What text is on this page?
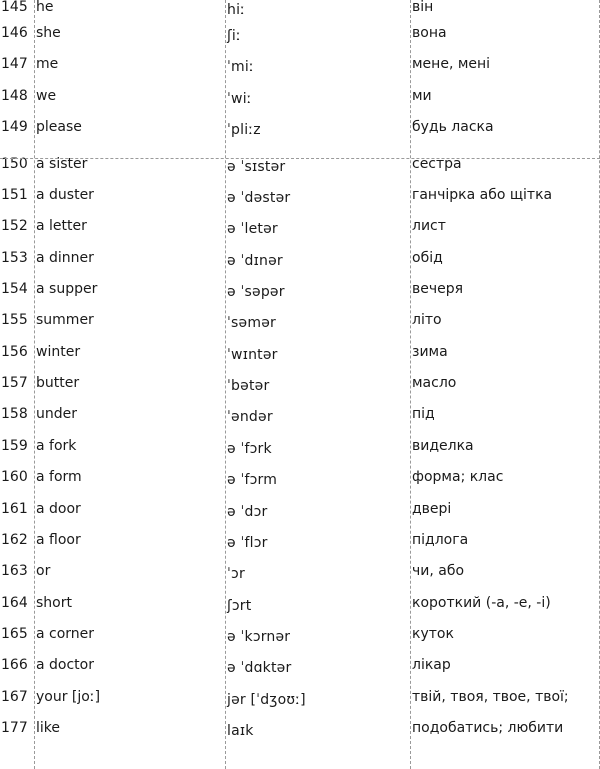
145 he	hiː	він
146 she	ʃiː	вона
147 me	ˈmiː	мене, мені
148 we	ˈwiː	ми
149 please	ˈpliːz	будь ласка
150 a sister	ə ˈsɪstər	сестра
151 a duster	ə ˈdəstər	ганчірка або щітка
152 a letter	ə ˈletər	лист
153 a dinner	ə ˈdɪnər	обід
154 a supper	ə ˈsəpər	вечеря
155 summer	ˈsəmər	літо
156 winter	ˈwɪntər	зима
157 butter	ˈbətər	масло
158 under	ˈəndər	під
159 a fork	ə ˈfɔrk	виделка
160 a form	ə ˈfɔrm	форма; клас
161 a door	ə ˈdɔr	двері
162 a floor	ə ˈflɔr	підлога
163 or	ˈɔr	чи, або
164 short	ʃɔrt	короткий (-а, -е, -і)
165 a corner	ə ˈkɔrnər	куток
166 a doctor	ə ˈdɑktər	лікар
167 your [joː]	jər [ˈdʒoʊː]	твій, твоя, твое, твої;
177 like	laɪk	подобатись; любити
